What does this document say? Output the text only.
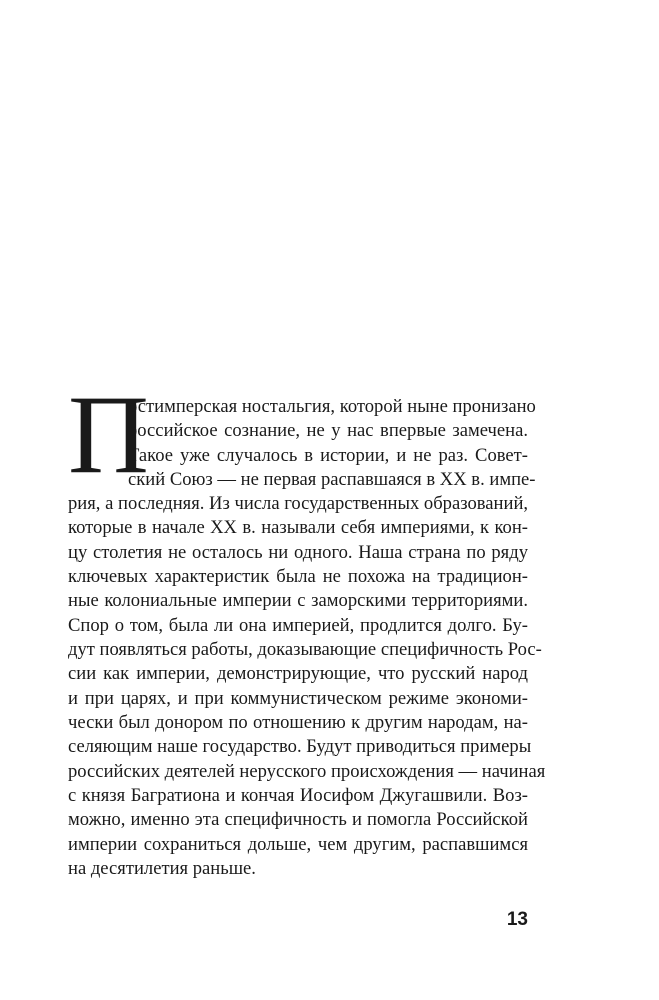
П
остимперская ностальгия, которой ныне пронизано
российское сознание, не у нас впервые замечена.
Такое уже случалось в истории, и не раз. Совет-
ский Союз — не первая распавшаяся в XX в. импе-
рия, а последняя. Из числа государственных образований,
которые в начале XX в. называли себя империями, к кон-
цу столетия не осталось ни одного. Наша страна по ряду
ключевых характеристик была не похожа на традицион-
ные колониальные империи с заморскими территориями.
Спор о том, была ли она империей, продлится долго. Бу-
дут появляться работы, доказывающие специфичность Рос-
сии как империи, демонстрирующие, что русский народ
и при царях, и при коммунистическом режиме экономи-
чески был донором по отношению к другим народам, на-
селяющим наше государство. Будут приводиться примеры
российских деятелей нерусского происхождения — начиная
с князя Багратиона и кончая Иосифом Джугашвили. Воз-
можно, именно эта специфичность и помогла Российской
империи сохраниться дольше, чем другим, распавшимся
на десятилетия раньше.
13
